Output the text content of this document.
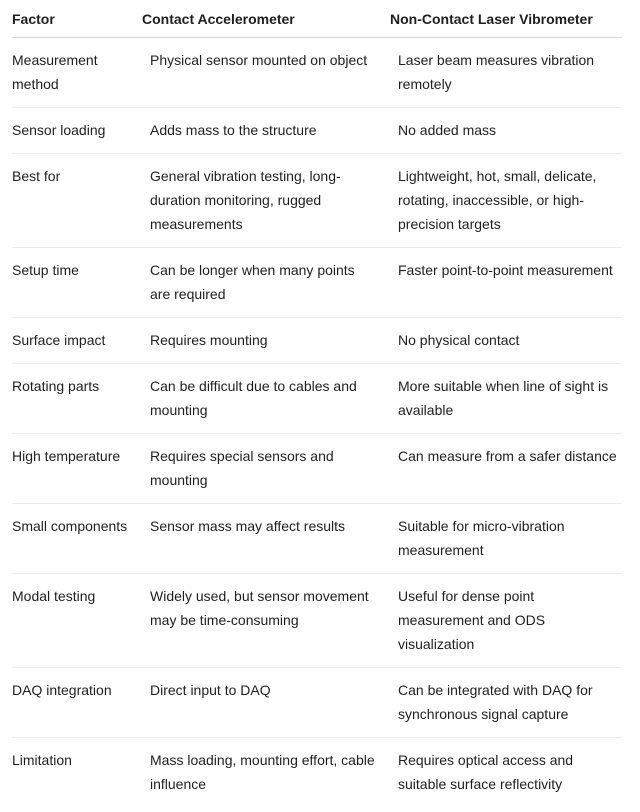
Factor	Contact Accelerometer	Non-Contact Laser Vibrometer
Measurement method	Physical sensor mounted on object	Laser beam measures vibration remotely
Sensor loading	Adds mass to the structure	No added mass
Best for	General vibration testing, long-duration monitoring, rugged measurements	Lightweight, hot, small, delicate, rotating, inaccessible, or high-precision targets
Setup time	Can be longer when many points are required	Faster point-to-point measurement
Surface impact	Requires mounting	No physical contact
Rotating parts	Can be difficult due to cables and mounting	More suitable when line of sight is available
High temperature	Requires special sensors and mounting	Can measure from a safer distance
Small components	Sensor mass may affect results	Suitable for micro-vibration measurement
Modal testing	Widely used, but sensor movement may be time-consuming	Useful for dense point measurement and ODS visualization
DAQ integration	Direct input to DAQ	Can be integrated with DAQ for synchronous signal capture
Limitation	Mass loading, mounting effort, cable influence	Requires optical access and suitable surface reflectivity
